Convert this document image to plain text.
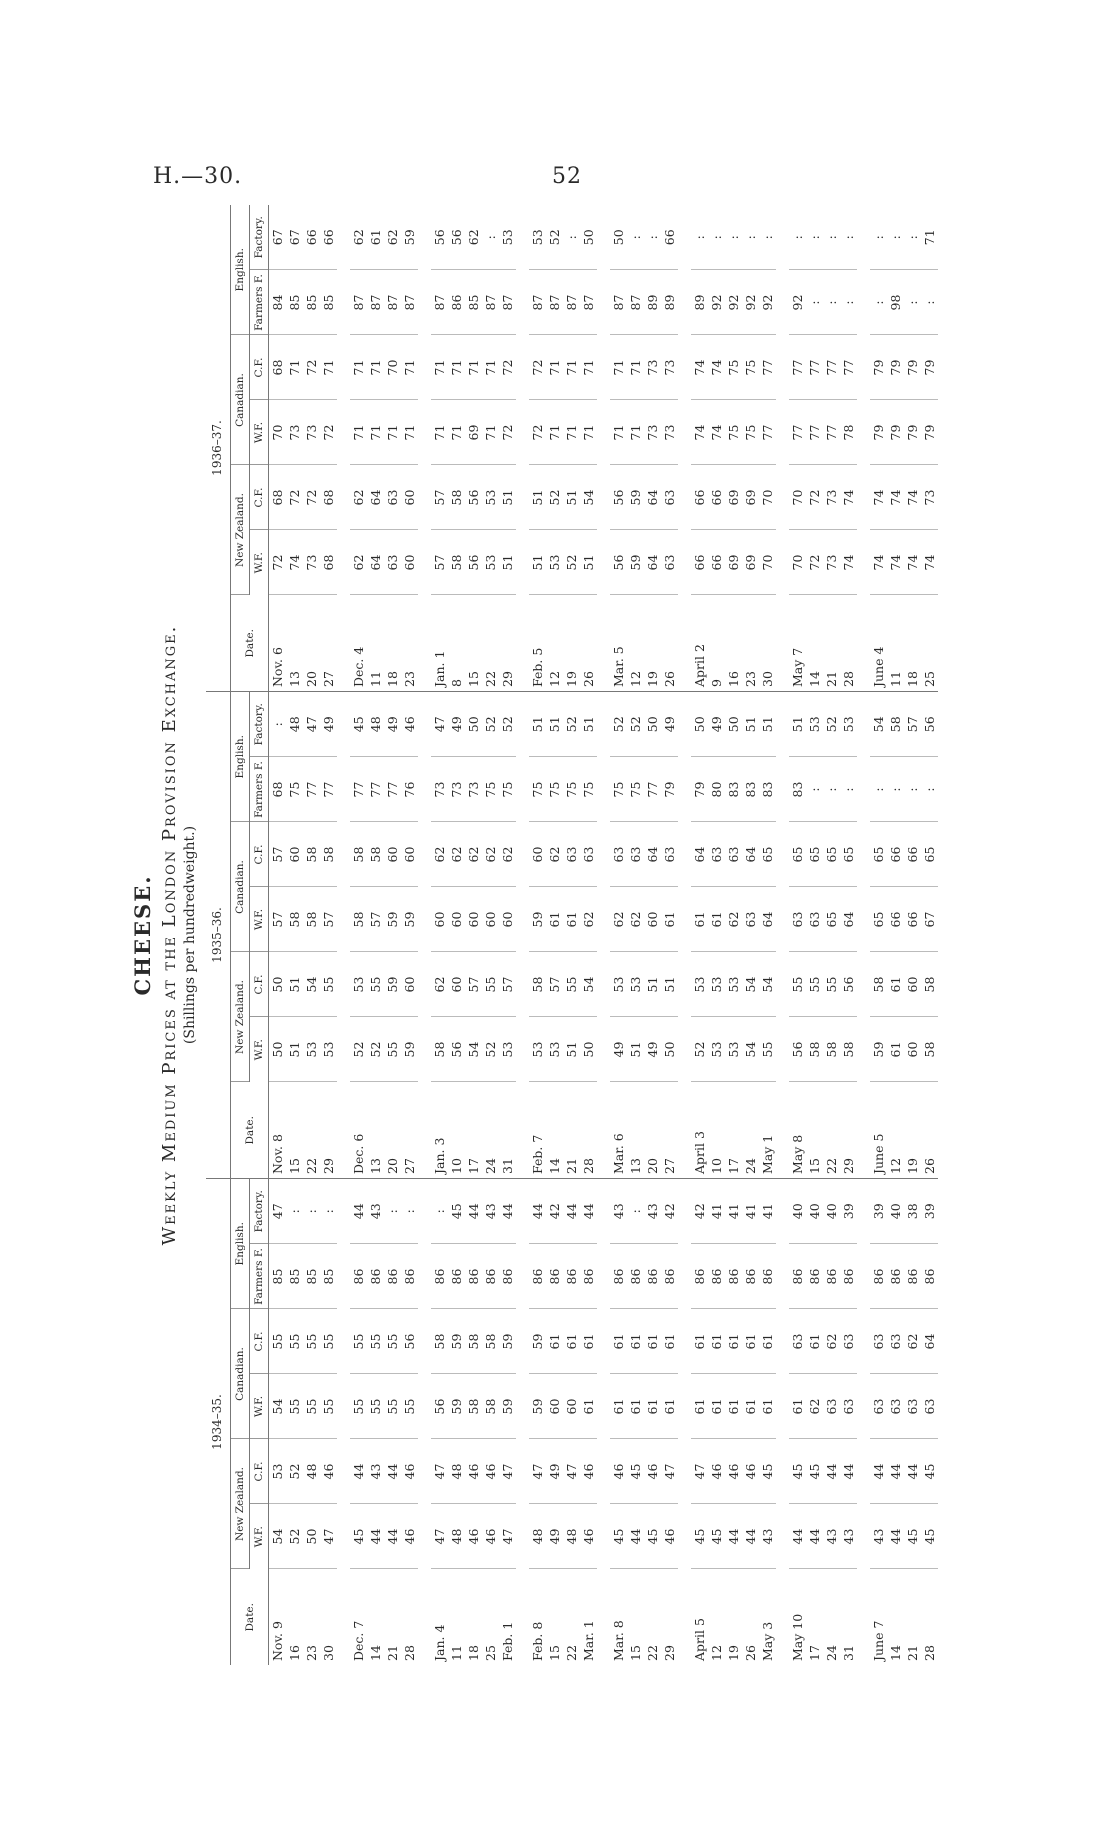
H.—30.	52
CHEESE. Weekly Medium Prices at the London Provision Exchange. (Shillings per hundredweight.)
1934–35.
Date.	New Zealand.		Canadian.		English.	
	W.F.	C.F.	W.F.	C.F.	Farmers F.	Factory.
Nov. 9	54	53	54	55	85	47
16	52	52	55	55	85	:
23	50	48	55	55	85	:
30	47	46	55	55	85	:

Dec. 7	45	44	55	55	86	44
14	44	43	55	55	86	43
21	44	44	55	55	86	:
28	46	46	55	56	86	:

Jan. 4	47	47	56	58	86	:
11	48	48	59	59	86	45
18	46	46	58	58	86	44
25	46	46	58	58	86	43
Feb. 1	47	47	59	59	86	44

Feb. 8	48	47	59	59	86	44
15	49	49	60	61	86	42
22	48	47	60	61	86	44
Mar. 1	46	46	61	61	86	44

Mar. 8	45	46	61	61	86	43
15	44	45	61	61	86	:
22	45	46	61	61	86	43
29	46	47	61	61	86	42

April 5	45	47	61	61	86	42
12	45	46	61	61	86	41
19	44	46	61	61	86	41
26	44	46	61	61	86	41
May 3	43	45	61	61	86	41

May 10	44	45	61	63	86	40
17	44	45	62	61	86	40
24	43	44	63	62	86	40
31	43	44	63	63	86	39

June 7	43	44	63	63	86	39
14	44	44	63	63	86	40
21	45	44	63	62	86	38
28	45	45	63	64	86	39
1935–36.
Date.	New Zealand.		Canadian.		English.	
	W.F.	C.F.	W.F.	C.F.	Farmers F.	Factory.
Nov. 8	50	50	57	57	68	:
15	51	51	58	60	75	48
22	53	54	58	58	77	47
29	53	55	57	58	77	49

Dec. 6	52	53	58	58	77	45
13	52	55	57	58	77	48
20	55	59	59	60	77	49
27	59	60	59	60	76	46

Jan. 3	58	62	60	62	73	47
10	56	60	60	62	73	49
17	54	57	60	62	73	50
24	52	55	60	62	75	52
31	53	57	60	62	75	52

Feb. 7	53	58	59	60	75	51
14	53	57	61	62	75	51
21	51	55	61	63	75	52
28	50	54	62	63	75	51

Mar. 6	49	53	62	63	75	52
13	51	53	62	63	75	52
20	49	51	60	64	77	50
27	50	51	61	63	79	49

April 3	52	53	61	64	79	50
10	53	53	61	63	80	49
17	53	53	62	63	83	50
24	54	54	63	64	83	51
May 1	55	54	64	65	83	51

May 8	56	55	63	65	83	51
15	58	55	63	65	:	53
22	58	55	65	65	:	52
29	58	56	64	65	:	53

June 5	59	58	65	65	:	54
12	61	61	66	66	:	58
19	60	60	66	66	:	57
26	58	58	67	65	:	56
1936–37.
Date.	New Zealand.		Canadian.		English.	
	W.F.	C.F.	W.F.	C.F.	Farmers F.	Factory.
Nov. 6	72	68	70	68	84	67
13	74	72	73	71	85	67
20	73	72	73	72	85	66
27	68	68	72	71	85	66

Dec. 4	62	62	71	71	87	62
11	64	64	71	71	87	61
18	63	63	71	70	87	62
23	60	60	71	71	87	59

Jan. 1	57	57	71	71	87	56
8	58	58	71	71	86	56
15	56	56	69	71	85	62
22	53	53	71	71	87	:
29	51	51	72	72	87	53

Feb. 5	51	51	72	72	87	53
12	53	52	71	71	87	52
19	52	51	71	71	87	:
26	51	54	71	71	87	50

Mar. 5	56	56	71	71	87	50
12	59	59	71	71	87	:
19	64	64	73	73	89	:
26	63	63	73	73	89	66

April 2	66	66	74	74	89	:
9	66	66	74	74	92	:
16	69	69	75	75	92	:
23	69	69	75	75	92	:
30	70	70	77	77	92	:

May 7	70	70	77	77	92	:
14	72	72	77	77	:	:
21	73	73	77	77	:	:
28	74	74	78	77	:	:

June 4	74	74	79	79	:	:
11	74	74	79	79	98	:
18	74	74	79	79	:	:
25	74	73	79	79	:	71
